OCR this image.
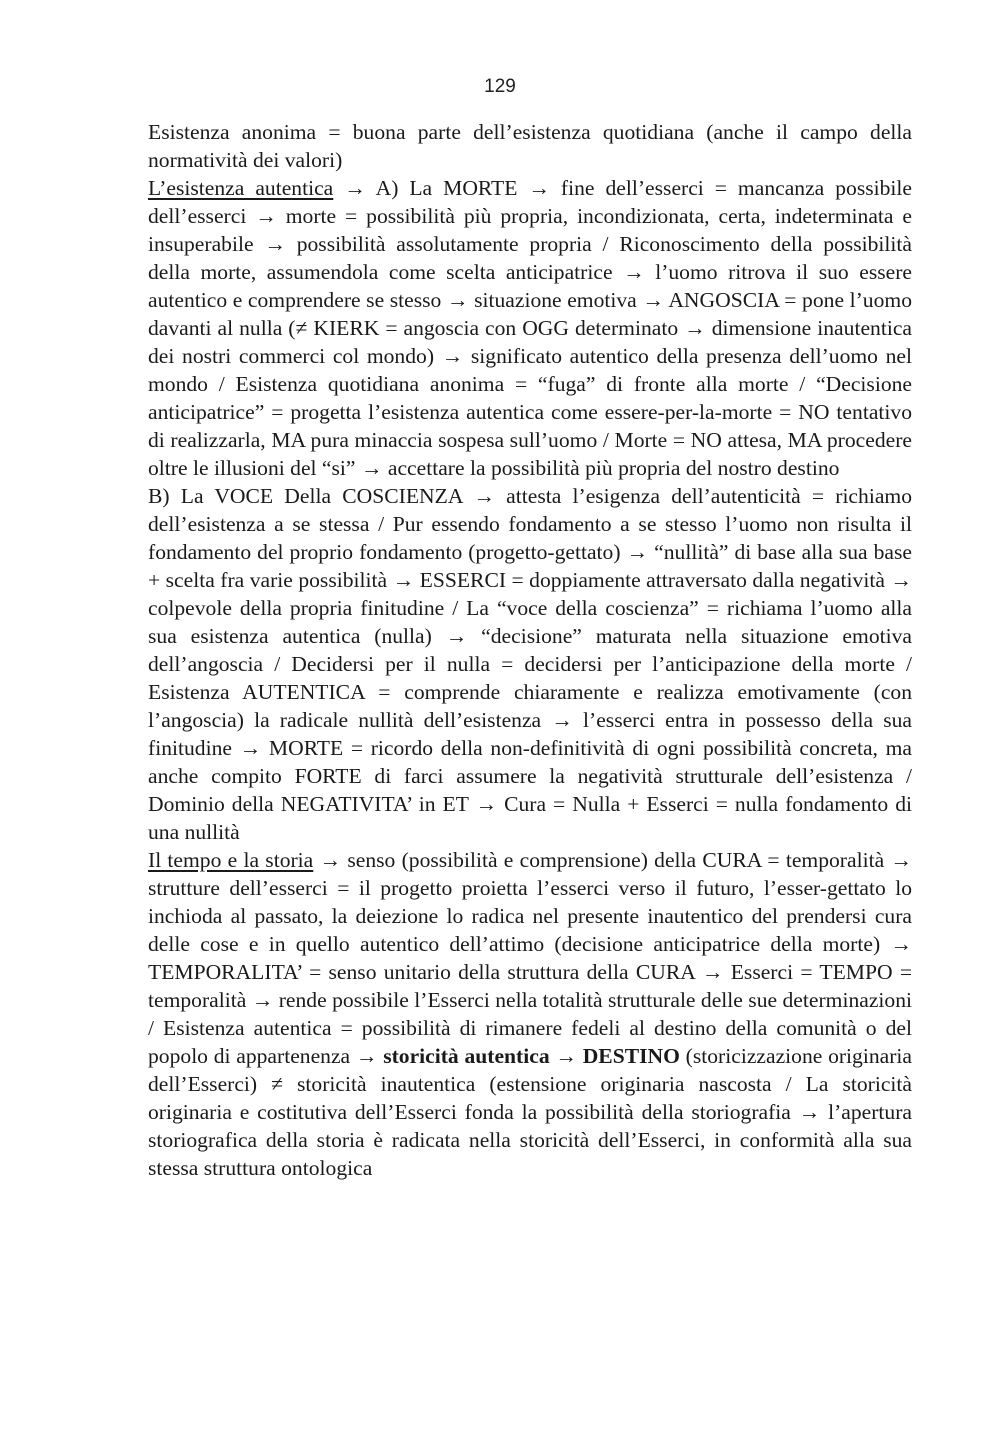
129

Esistenza anonima = buona parte dell’esistenza quotidiana (anche il campo della normatività dei valori)

L’esistenza autentica → A) La MORTE → fine dell’esserci = mancanza possibile dell’esserci → morte = possibilità più propria, incondizionata, certa, indeterminata e insuperabile → possibilità assolutamente propria / Riconoscimento della possibilità della morte, assumendola come scelta anticipatrice → l’uomo ritrova il suo essere autentico e comprendere se stesso → situazione emotiva → ANGOSCIA = pone l’uomo davanti al nulla (≠ KIERK = angoscia con OGG determinato → dimensione inautentica dei nostri commerci col mondo) → significato autentico della presenza dell’uomo nel mondo / Esistenza quotidiana anonima = “fuga” di fronte alla morte / “Decisione anticipatrice” = progetta l’esistenza autentica come essere-per-la-morte = NO tentativo di realizzarla, MA pura minaccia sospesa sull’uomo / Morte = NO attesa, MA procedere oltre le illusioni del “si” → accettare la possibilità più propria del nostro destino

B) La VOCE Della COSCIENZA → attesta l’esigenza dell’autenticità = richiamo dell’esistenza a se stessa / Pur essendo fondamento a se stesso l’uomo non risulta il fondamento del proprio fondamento (progetto-gettato) → “nullità” di base alla sua base + scelta fra varie possibilità → ESSERCI = doppiamente attraversato dalla negatività → colpevole della propria finitudine / La “voce della coscienza” = richiama l’uomo alla sua esistenza autentica (nulla) → “decisione” maturata nella situazione emotiva dell’angoscia / Decidersi per il nulla = decidersi per l’anticipazione della morte / Esistenza AUTENTICA = comprende chiaramente e realizza emotivamente (con l’angoscia) la radicale nullità dell’esistenza → l’esserci entra in possesso della sua finitudine → MORTE = ricordo della non-definitività di ogni possibilità concreta, ma anche compito FORTE di farci assumere la negatività strutturale dell’esistenza / Dominio della NEGATIVITA’ in ET → Cura = Nulla + Esserci = nulla fondamento di una nullità

Il tempo e la storia → senso (possibilità e comprensione) della CURA = temporalità → strutture dell’esserci = il progetto proietta l’esserci verso il futuro, l’esser-gettato lo inchioda al passato, la deiezione lo radica nel presente inautentico del prendersi cura delle cose e in quello autentico dell’attimo (decisione anticipatrice della morte) → TEMPORALITA’ = senso unitario della struttura della CURA → Esserci = TEMPO = temporalità → rende possibile l’Esserci nella totalità strutturale delle sue determinazioni / Esistenza autentica = possibilità di rimanere fedeli al destino della comunità o del popolo di appartenenza → storicità autentica → DESTINO (storicizzazione originaria dell’Esserci) ≠ storicità inautentica (estensione originaria nascosta / La storicità originaria e costitutiva dell’Esserci fonda la possibilità della storiografia → l’apertura storiografica della storia è radicata nella storicità dell’Esserci, in conformità alla sua stessa struttura ontologica
